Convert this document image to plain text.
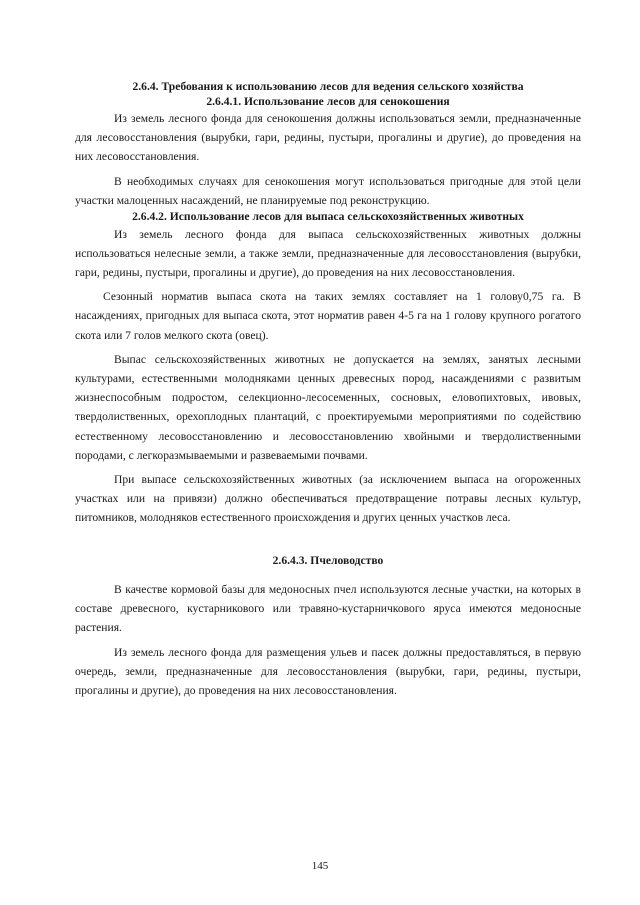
2.6.4. Требования к использованию лесов для ведения сельского хозяйства

2.6.4.1. Использование лесов для сенокошения

Из земель лесного фонда для сенокошения должны использоваться земли, предназначенные для лесовосстановления (вырубки, гари, редины, пустыри, прогалины и другие), до проведения на них лесовосстановления.

В необходимых случаях для сенокошения могут использоваться пригодные для этой цели участки малоценных насаждений, не планируемые под реконструкцию.

2.6.4.2. Использование лесов для выпаса сельскохозяйственных животных

Из земель лесного фонда для выпаса сельскохозяйственных животных должны использоваться нелесные земли, а также земли, предназначенные для лесовосстановления (вырубки, гари, редины, пустыри, прогалины и другие), до проведения на них лесовосстановления.

Сезонный норматив выпаса скота на таких землях составляет на 1 голову0,75 га. В насаждениях, пригодных для выпаса скота, этот норматив равен 4-5 га на 1 голову крупного рогатого скота или 7 голов мелкого скота (овец).

Выпас сельскохозяйственных животных не допускается на землях, занятых лесными культурами, естественными молодняками ценных древесных пород, насаждениями с развитым жизнеспособным подростом, селекционно-лесосеменных, сосновых, еловопихтовых, ивовых, твердолиственных, орехоплодных плантаций, с проектируемыми мероприятиями по содействию естественному лесовосстановлению и лесовосстановлению хвойными и твердолиственными породами, с легкоразмываемыми и развеваемыми почвами.

При выпасе сельскохозяйственных животных (за исключением выпаса на огороженных участках или на привязи) должно обеспечиваться предотвращение потравы лесных культур, питомников, молодняков естественного происхождения и других ценных участков леса.

2.6.4.3. Пчеловодство

В качестве кормовой базы для медоносных пчел используются лесные участки, на которых в составе древесного, кустарникового или травяно-кустарничкового яруса имеются медоносные растения.

Из земель лесного фонда для размещения ульев и пасек должны предоставляться, в первую очередь, земли, предназначенные для лесовосстановления (вырубки, гари, редины, пустыри, прогалины и другие), до проведения на них лесовосстановления.

145
